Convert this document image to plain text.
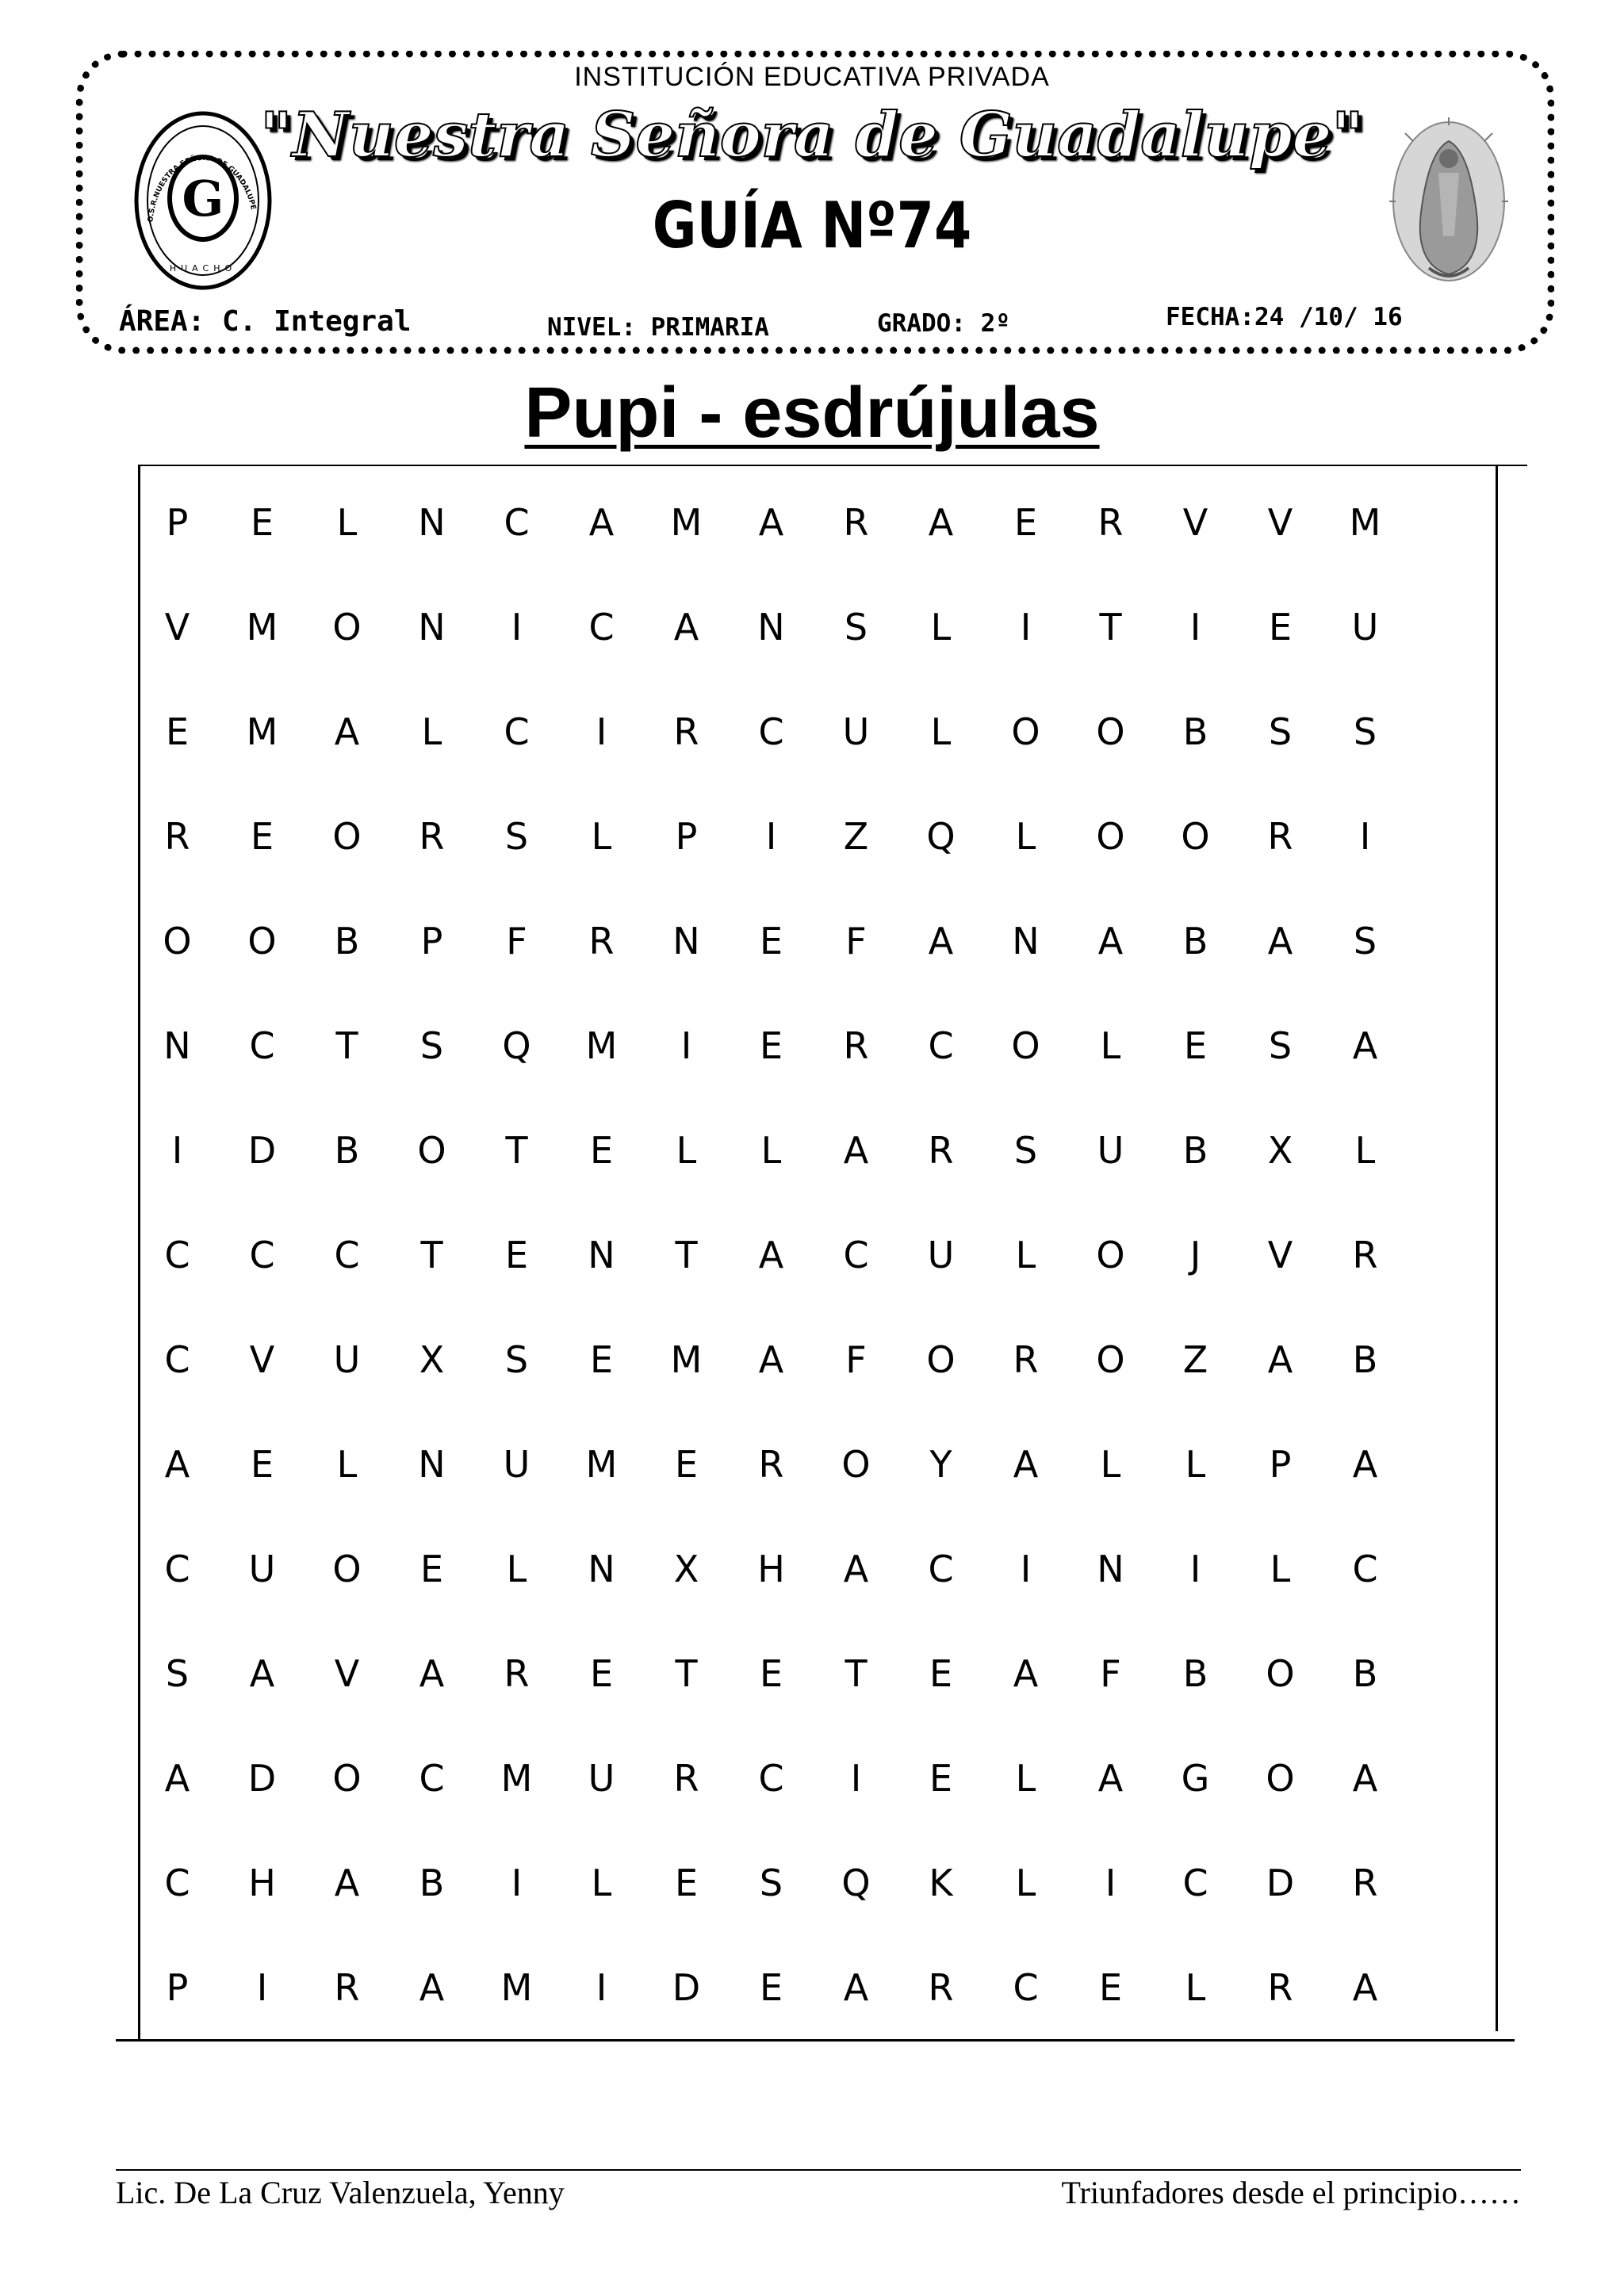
O.S.R.NUESTRA SEÑORA DE GUADALUPE
G
HUACHO
INSTITUCIÓN EDUCATIVA PRIVADA
"Nuestra Señora de Guadalupe"
GUÍA Nº74
ÁREA: C. Integral	NIVEL: PRIMARIA	GRADO: 2º	FECHA:24 /10/ 16
Pupi - esdrújulas
P	E	L	N	C	A	M	A	R	A	E	R	V	V	M
V	M	O	N	I	C	A	N	S	L	I	T	I	E	U
E	M	A	L	C	I	R	C	U	L	O	O	B	S	S
R	E	O	R	S	L	P	I	Z	Q	L	O	O	R	I
O	O	B	P	F	R	N	E	F	A	N	A	B	A	S
N	C	T	S	Q	M	I	E	R	C	O	L	E	S	A
I	D	B	O	T	E	L	L	A	R	S	U	B	X	L
C	C	C	T	E	N	T	A	C	U	L	O	J	V	R
C	V	U	X	S	E	M	A	F	O	R	O	Z	A	B
A	E	L	N	U	M	E	R	O	Y	A	L	L	P	A
C	U	O	E	L	N	X	H	A	C	I	N	I	L	C
S	A	V	A	R	E	T	E	T	E	A	F	B	O	B
A	D	O	C	M	U	R	C	I	E	L	A	G	O	A
C	H	A	B	I	L	E	S	Q	K	L	I	C	D	R
P	I	R	A	M	I	D	E	A	R	C	E	L	R	A
Lic. De La Cruz Valenzuela, Yenny	Triunfadores desde el principio……
